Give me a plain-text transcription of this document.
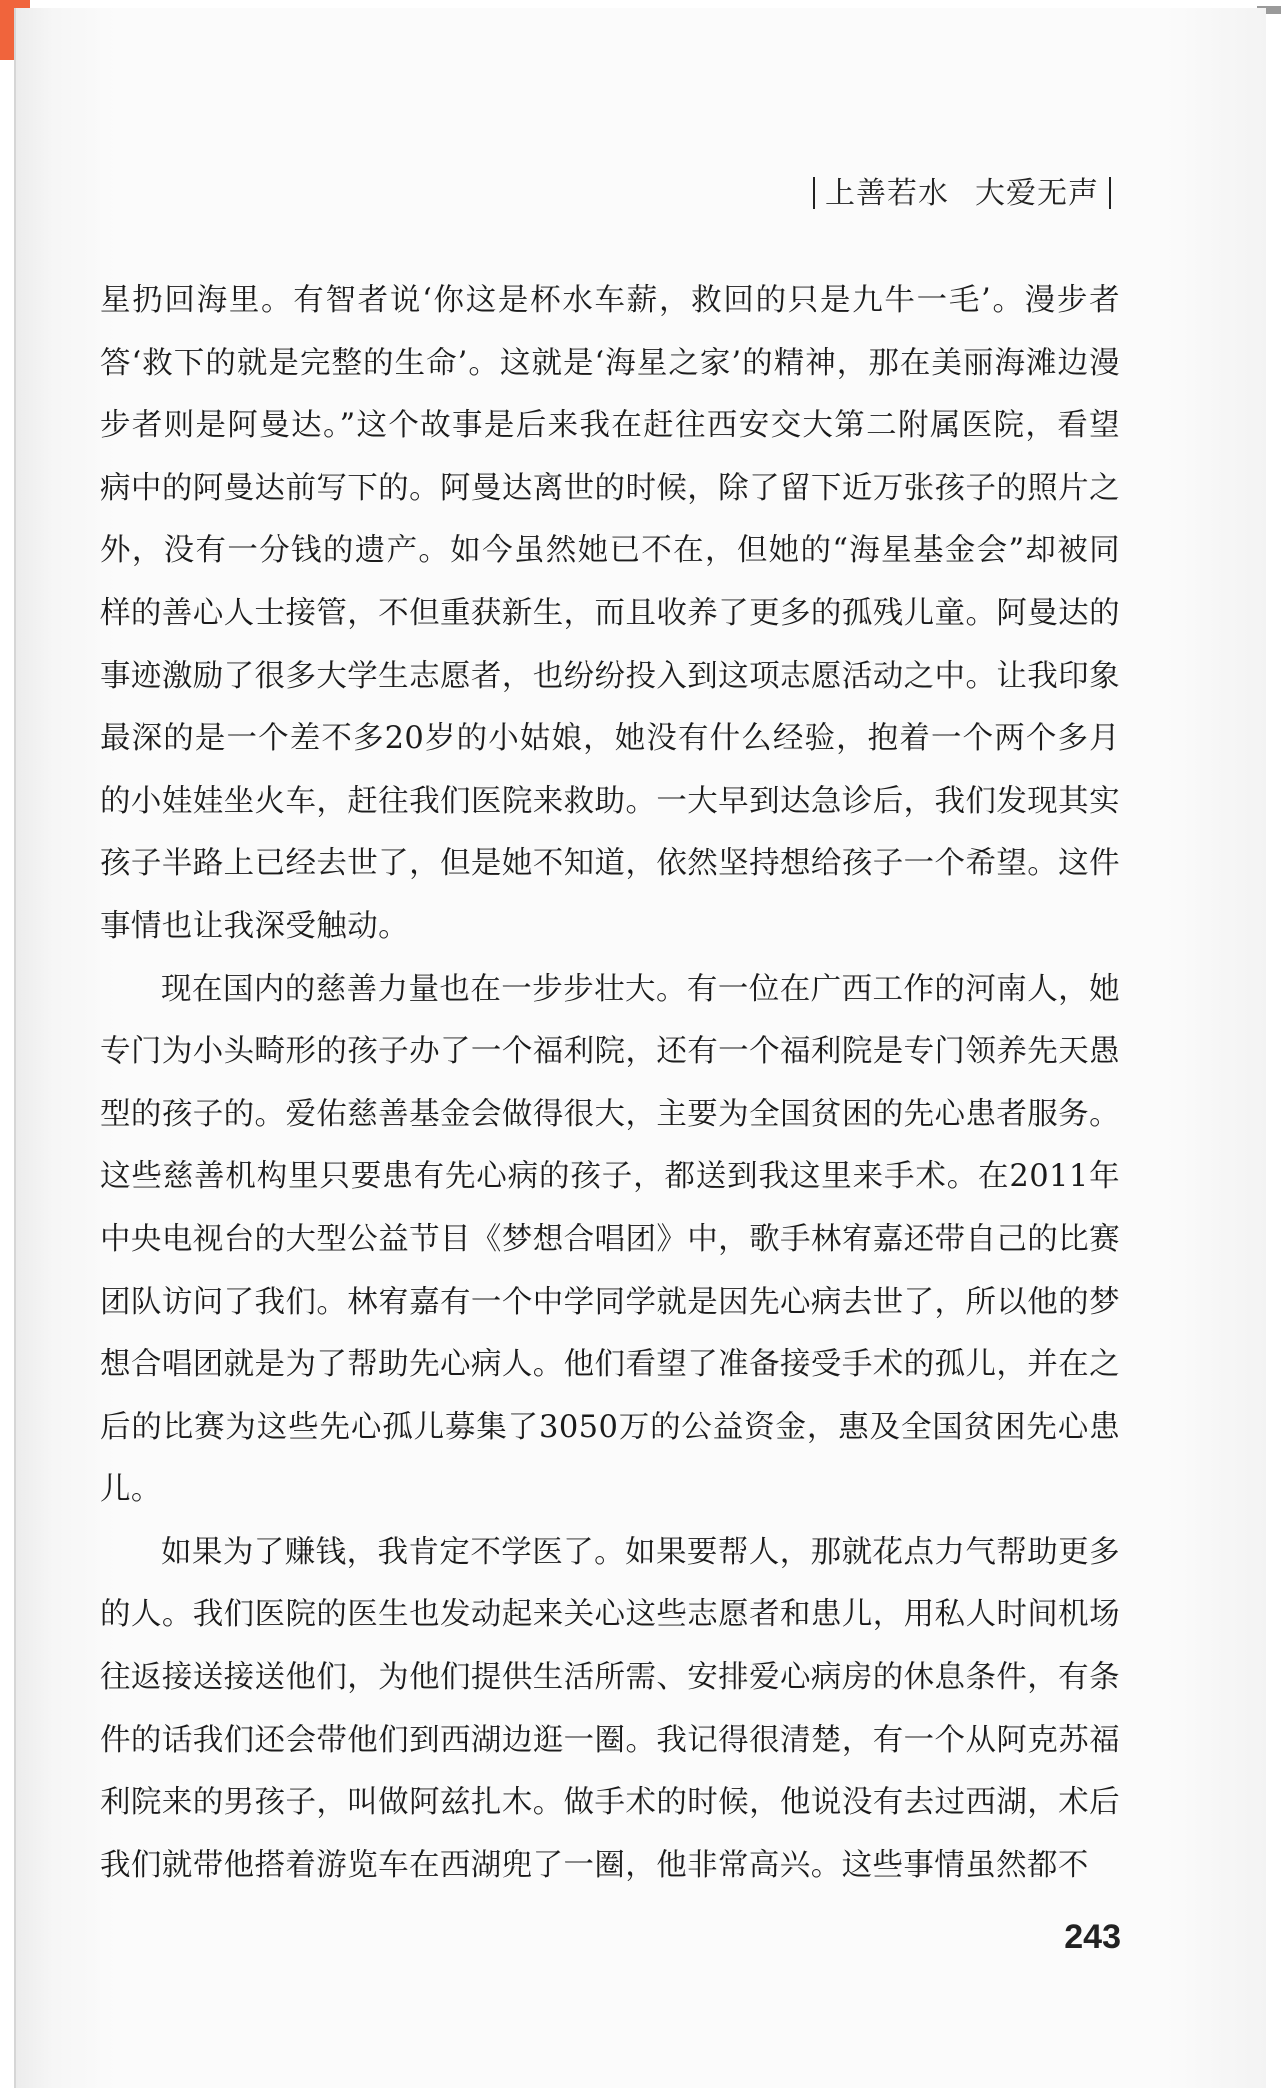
上善若水 大爱无声

星扔回海里。有智者说‘你这是杯水车薪，救回的只是九牛一毛’。漫步者答‘救下的就是完整的生命’。这就是‘海星之家’的精神，那在美丽海滩边漫步者则是阿曼达。”这个故事是后来我在赶往西安交大第二附属医院，看望病中的阿曼达前写下的。阿曼达离世的时候，除了留下近万张孩子的照片之外，没有一分钱的遗产。如今虽然她已不在，但她的“海星基金会”却被同样的善心人士接管，不但重获新生，而且收养了更多的孤残儿童。阿曼达的事迹激励了很多大学生志愿者，也纷纷投入到这项志愿活动之中。让我印象最深的是一个差不多20岁的小姑娘，她没有什么经验，抱着一个两个多月的小娃娃坐火车，赶往我们医院来救助。一大早到达急诊后，我们发现其实孩子半路上已经去世了，但是她不知道，依然坚持想给孩子一个希望。这件事情也让我深受触动。

现在国内的慈善力量也在一步步壮大。有一位在广西工作的河南人，她专门为小头畸形的孩子办了一个福利院，还有一个福利院是专门领养先天愚型的孩子的。爱佑慈善基金会做得很大，主要为全国贫困的先心患者服务。这些慈善机构里只要患有先心病的孩子，都送到我这里来手术。在2011年中央电视台的大型公益节目《梦想合唱团》中，歌手林宥嘉还带自己的比赛团队访问了我们。林宥嘉有一个中学同学就是因先心病去世了，所以他的梦想合唱团就是为了帮助先心病人。他们看望了准备接受手术的孤儿，并在之后的比赛为这些先心孤儿募集了3050万的公益资金，惠及全国贫困先心患儿。

如果为了赚钱，我肯定不学医了。如果要帮人，那就花点力气帮助更多的人。我们医院的医生也发动起来关心这些志愿者和患儿，用私人时间机场往返接送接送他们，为他们提供生活所需、安排爱心病房的休息条件，有条件的话我们还会带他们到西湖边逛一圈。我记得很清楚，有一个从阿克苏福利院来的男孩子，叫做阿兹扎木。做手术的时候，他说没有去过西湖，术后我们就带他搭着游览车在西湖兜了一圈，他非常高兴。这些事情虽然都不

243
